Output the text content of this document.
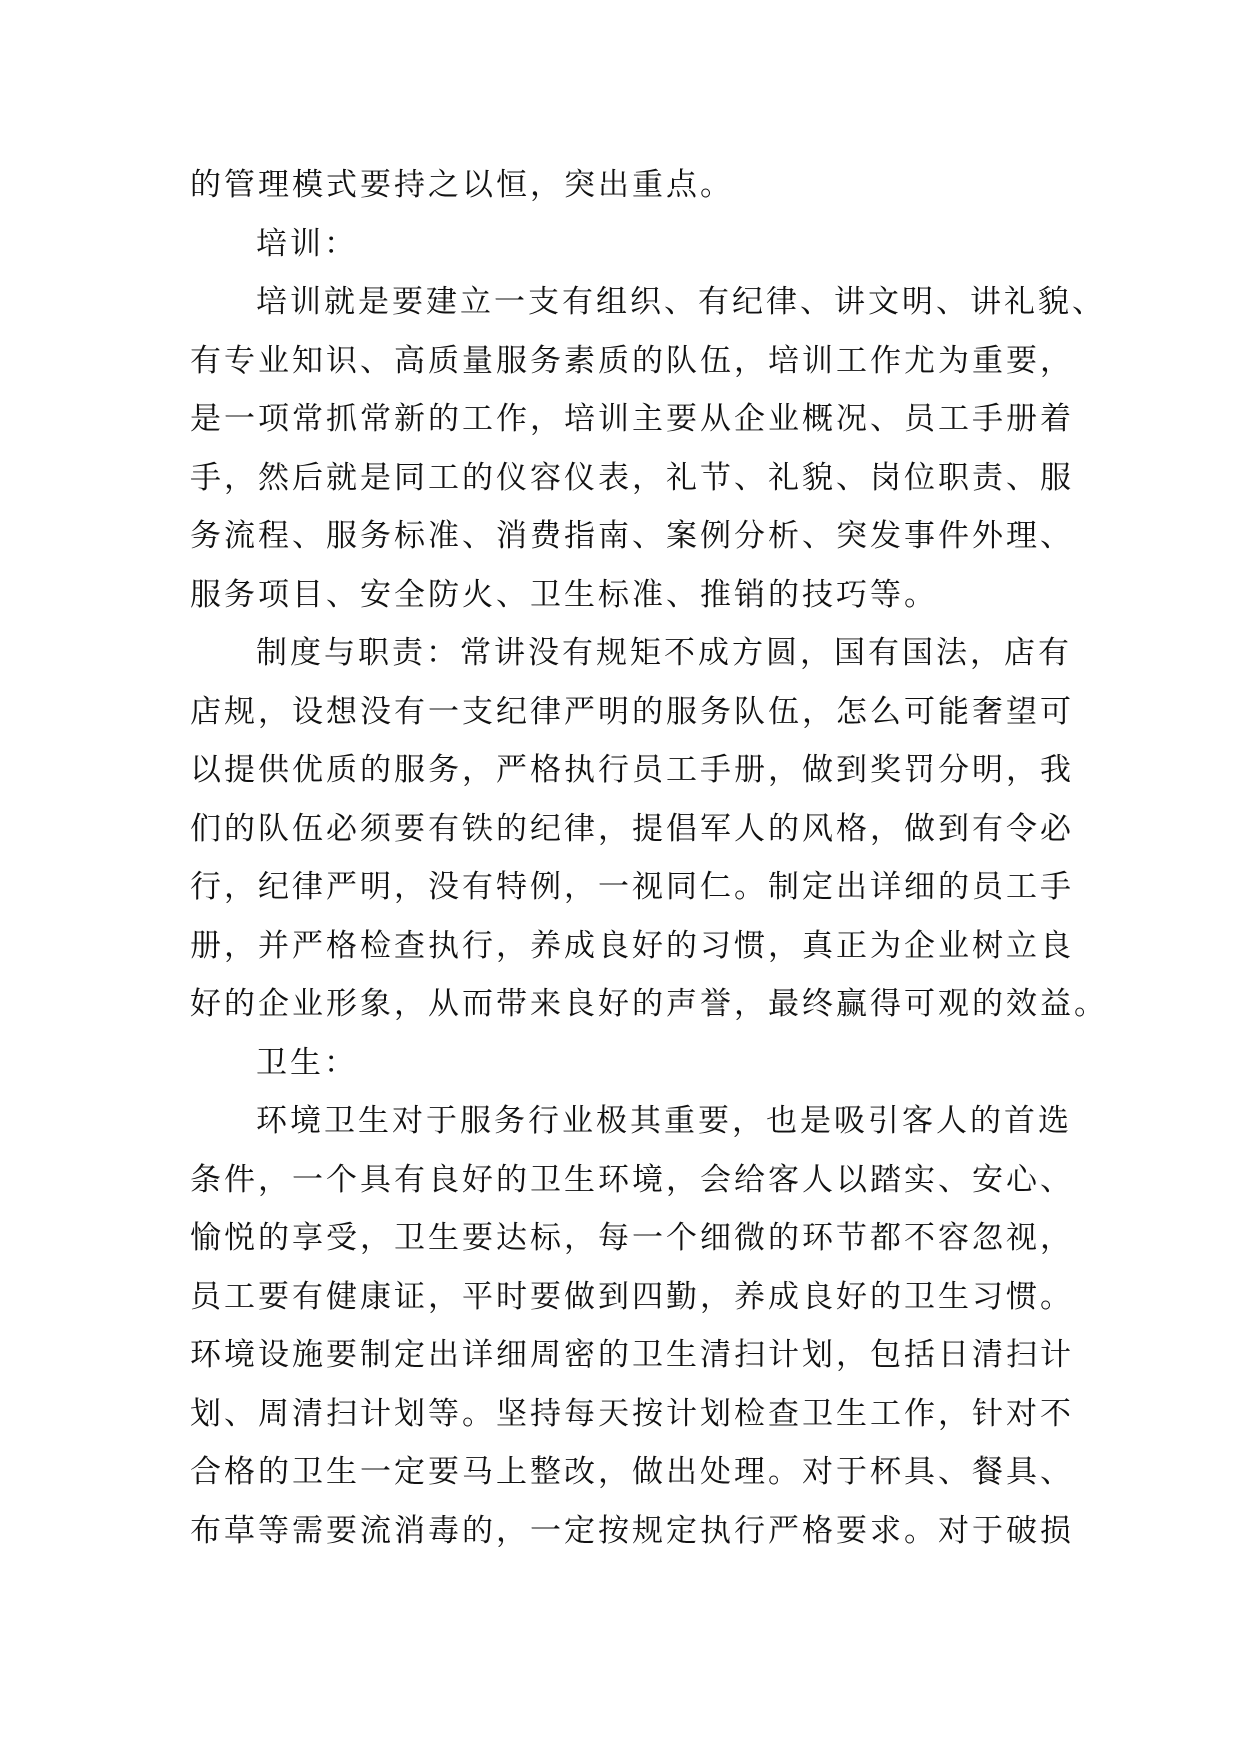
的管理模式要持之以恒，突出重点。
培训：
培训就是要建立一支有组织、有纪律、讲文明、讲礼貌、
有专业知识、高质量服务素质的队伍，培训工作尤为重要，
是一项常抓常新的工作，培训主要从企业概况、员工手册着
手，然后就是同工的仪容仪表，礼节、礼貌、岗位职责、服
务流程、服务标准、消费指南、案例分析、突发事件外理、
服务项目、安全防火、卫生标准、推销的技巧等。
制度与职责：常讲没有规矩不成方圆，国有国法，店有
店规，设想没有一支纪律严明的服务队伍，怎么可能奢望可
以提供优质的服务，严格执行员工手册，做到奖罚分明，我
们的队伍必须要有铁的纪律，提倡军人的风格，做到有令必
行，纪律严明，没有特例，一视同仁。制定出详细的员工手
册，并严格检查执行，养成良好的习惯，真正为企业树立良
好的企业形象，从而带来良好的声誉，最终赢得可观的效益。
卫生：
环境卫生对于服务行业极其重要，也是吸引客人的首选
条件，一个具有良好的卫生环境，会给客人以踏实、安心、
愉悦的享受，卫生要达标，每一个细微的环节都不容忽视，
员工要有健康证，平时要做到四勤，养成良好的卫生习惯。
环境设施要制定出详细周密的卫生清扫计划，包括日清扫计
划、周清扫计划等。坚持每天按计划检查卫生工作，针对不
合格的卫生一定要马上整改，做出处理。对于杯具、餐具、
布草等需要流消毒的，一定按规定执行严格要求。对于破损
